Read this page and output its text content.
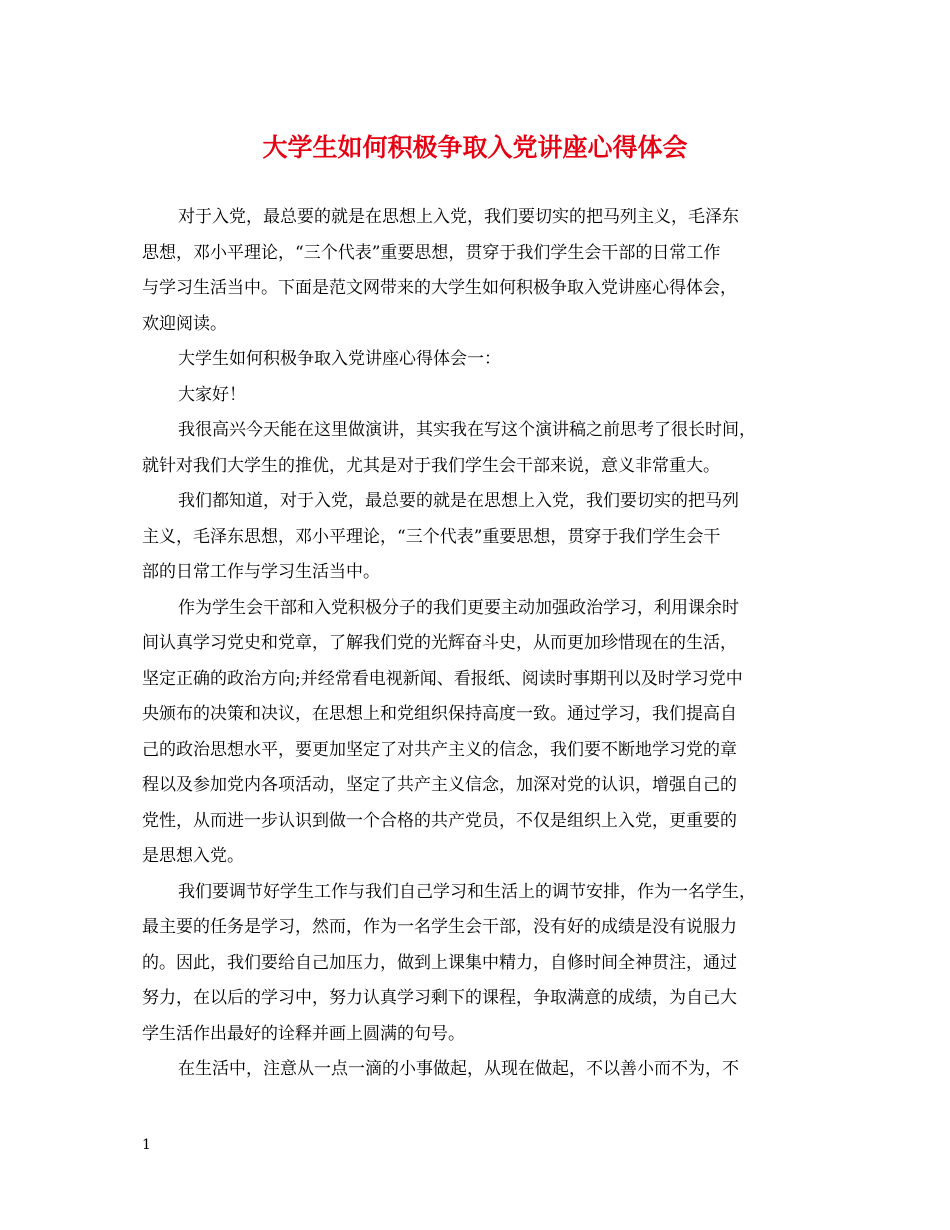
大学生如何积极争取入党讲座心得体会
对于入党，最总要的就是在思想上入党，我们要切实的把马列主义，毛泽东
思想，邓小平理论，“三个代表”重要思想，贯穿于我们学生会干部的日常工作
与学习生活当中。下面是范文网带来的大学生如何积极争取入党讲座心得体会，
欢迎阅读。
大学生如何积极争取入党讲座心得体会一：
大家好！
我很高兴今天能在这里做演讲，其实我在写这个演讲稿之前思考了很长时间，
就针对我们大学生的推优，尤其是对于我们学生会干部来说，意义非常重大。
我们都知道，对于入党，最总要的就是在思想上入党，我们要切实的把马列
主义，毛泽东思想，邓小平理论，“三个代表”重要思想，贯穿于我们学生会干
部的日常工作与学习生活当中。
作为学生会干部和入党积极分子的我们更要主动加强政治学习，利用课余时
间认真学习党史和党章，了解我们党的光辉奋斗史，从而更加珍惜现在的生活，
坚定正确的政治方向;并经常看电视新闻、看报纸、阅读时事期刊以及时学习党中
央颁布的决策和决议，在思想上和党组织保持高度一致。通过学习，我们提高自
己的政治思想水平，要更加坚定了对共产主义的信念，我们要不断地学习党的章
程以及参加党内各项活动，坚定了共产主义信念，加深对党的认识，增强自己的
党性，从而进一步认识到做一个合格的共产党员，不仅是组织上入党，更重要的
是思想入党。
我们要调节好学生工作与我们自己学习和生活上的调节安排，作为一名学生，
最主要的任务是学习，然而，作为一名学生会干部，没有好的成绩是没有说服力
的。因此，我们要给自己加压力，做到上课集中精力，自修时间全神贯注，通过
努力，在以后的学习中，努力认真学习剩下的课程，争取满意的成绩，为自己大
学生活作出最好的诠释并画上圆满的句号。
在生活中，注意从一点一滴的小事做起，从现在做起，不以善小而不为，不
1
